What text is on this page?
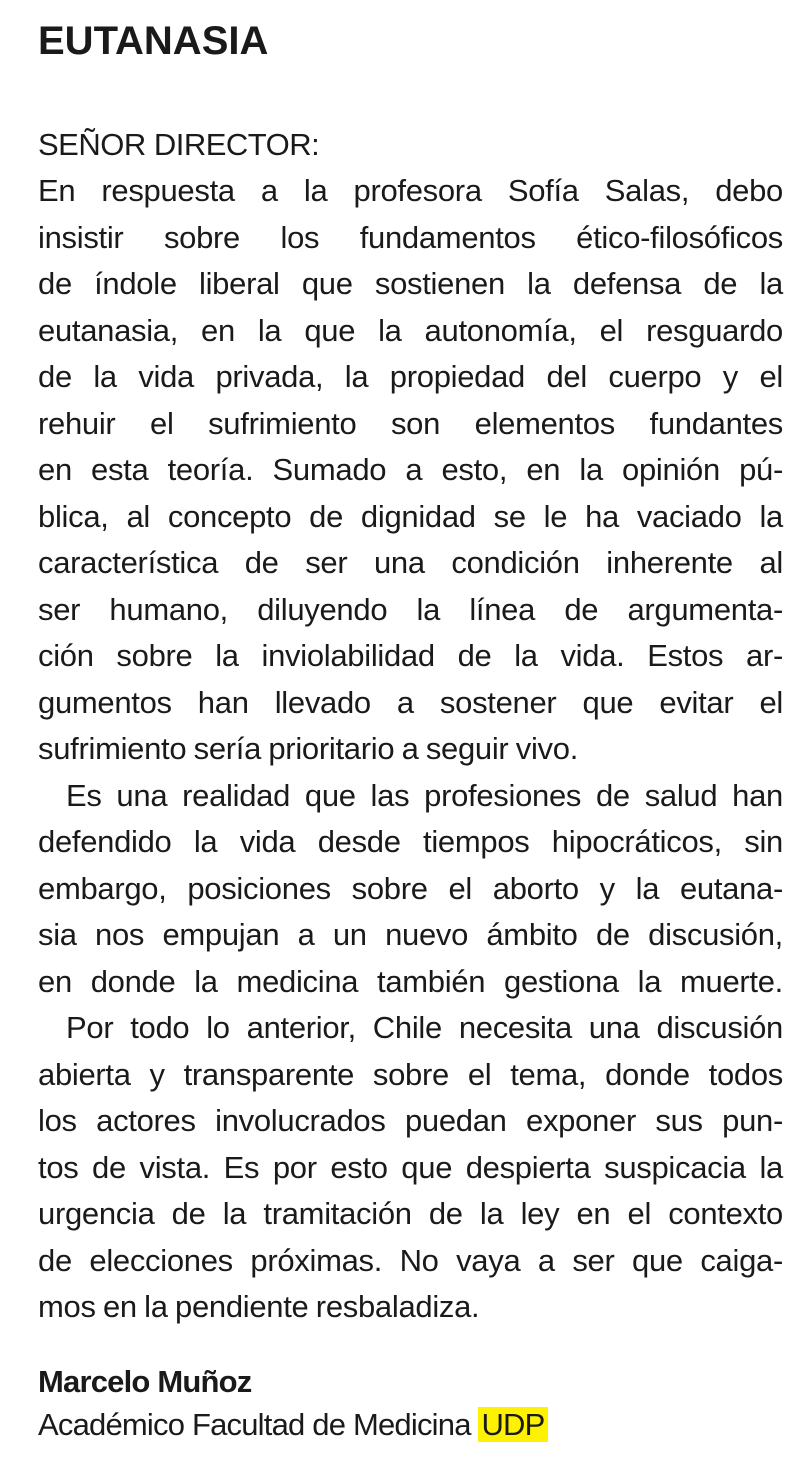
EUTANASIA
SEÑOR DIRECTOR:
En respuesta a la profesora Sofía Salas, debo
insistir sobre los fundamentos ético-filosóficos
de índole liberal que sostienen la defensa de la
eutanasia, en la que la autonomía, el resguardo
de la vida privada, la propiedad del cuerpo y el
rehuir el sufrimiento son elementos fundantes
en esta teoría. Sumado a esto, en la opinión pú-
blica, al concepto de dignidad se le ha vaciado la
característica de ser una condición inherente al
ser humano, diluyendo la línea de argumenta-
ción sobre la inviolabilidad de la vida. Estos ar-
gumentos han llevado a sostener que evitar el
sufrimiento sería prioritario a seguir vivo.
Es una realidad que las profesiones de salud han
defendido la vida desde tiempos hipocráticos, sin
embargo, posiciones sobre el aborto y la eutana-
sia nos empujan a un nuevo ámbito de discusión,
en donde la medicina también gestiona la muerte.
Por todo lo anterior, Chile necesita una discusión
abierta y transparente sobre el tema, donde todos
los actores involucrados puedan exponer sus pun-
tos de vista. Es por esto que despierta suspicacia la
urgencia de la tramitación de la ley en el contexto
de elecciones próximas. No vaya a ser que caiga-
mos en la pendiente resbaladiza.
Marcelo Muñoz
Académico Facultad de Medicina UDP
